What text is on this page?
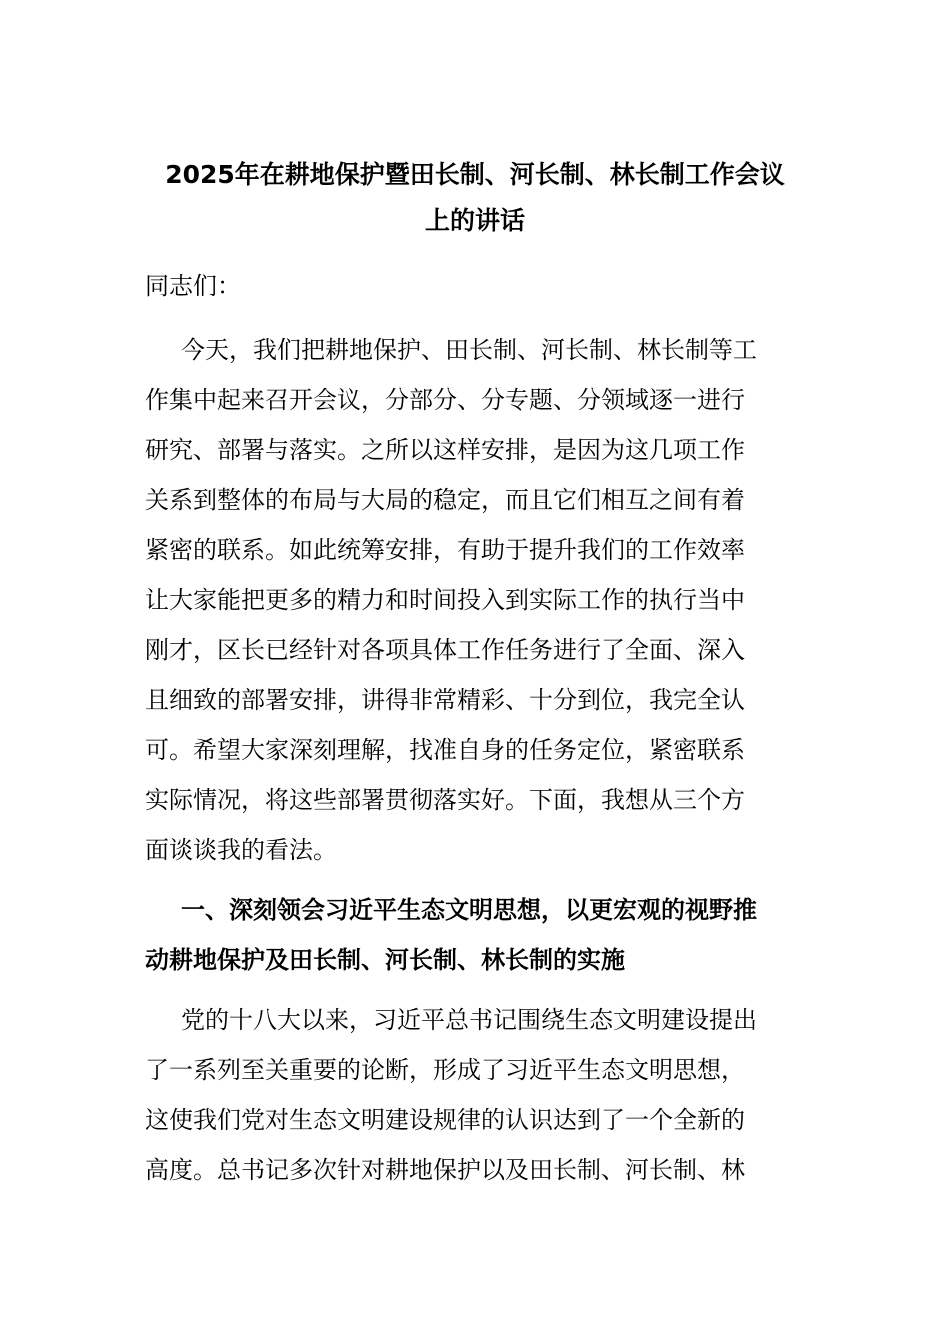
2025年在耕地保护暨田长制、河长制、林长制工作会议
上的讲话

同志们：

今天，我们把耕地保护、田长制、河长制、林长制等工
作集中起来召开会议，分部分、分专题、分领域逐一进行
研究、部署与落实。之所以这样安排，是因为这几项工作
关系到整体的布局与大局的稳定，而且它们相互之间有着
紧密的联系。如此统筹安排，有助于提升我们的工作效率
让大家能把更多的精力和时间投入到实际工作的执行当中
刚才，区长已经针对各项具体工作任务进行了全面、深入
且细致的部署安排，讲得非常精彩、十分到位，我完全认
可。希望大家深刻理解，找准自身的任务定位，紧密联系
实际情况，将这些部署贯彻落实好。下面，我想从三个方
面谈谈我的看法。
一、深刻领会习近平生态文明思想，以更宏观的视野推
动耕地保护及田长制、河长制、林长制的实施
党的十八大以来，习近平总书记围绕生态文明建设提出
了一系列至关重要的论断，形成了习近平生态文明思想，
这使我们党对生态文明建设规律的认识达到了一个全新的
高度。总书记多次针对耕地保护以及田长制、河长制、林
